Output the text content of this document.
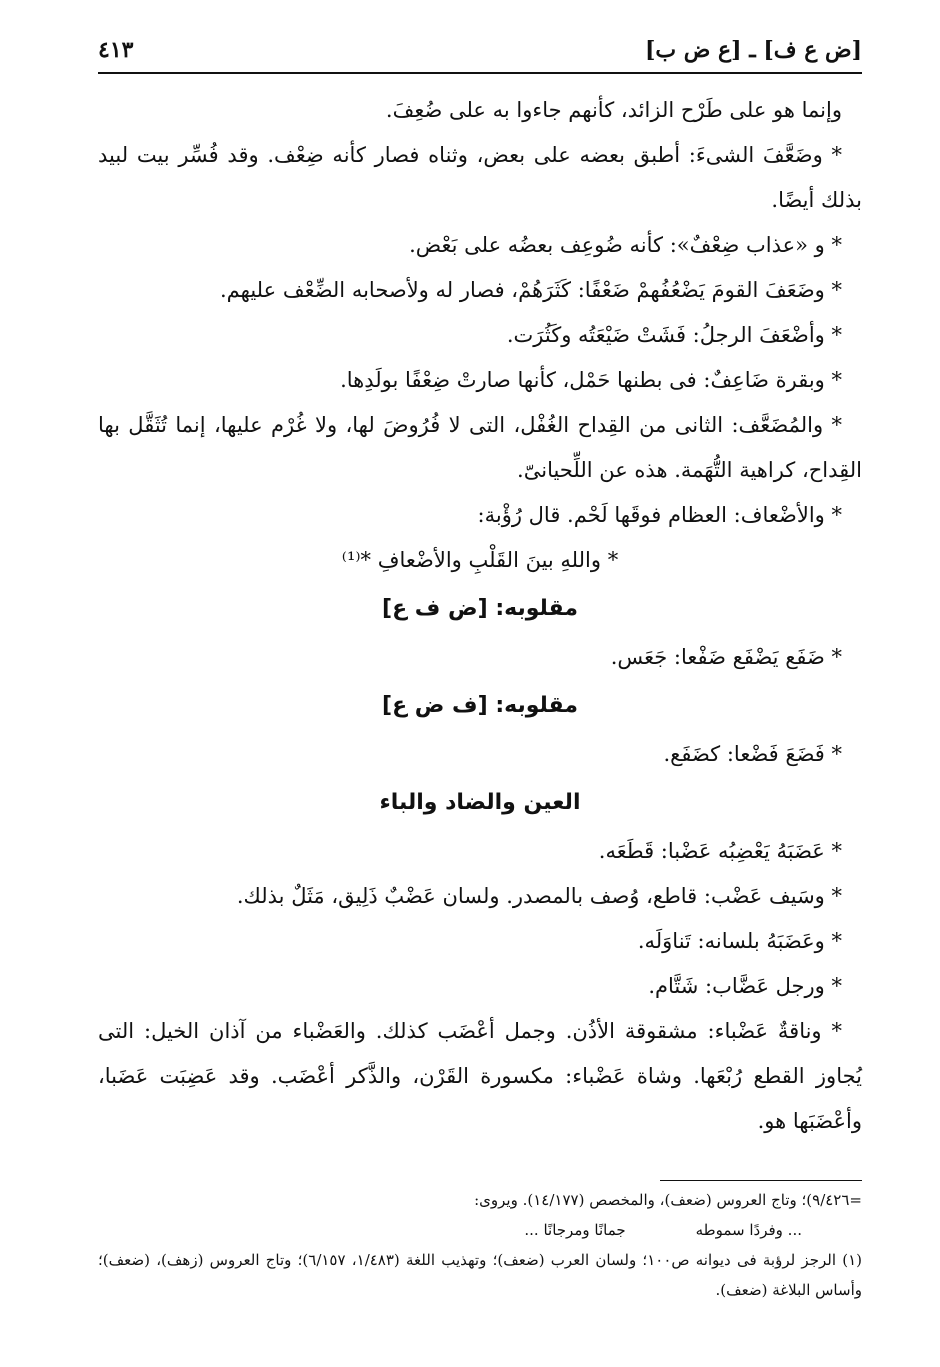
[ض ع ف] ـ [ع ض ب]
٤١٣

وإنما هو على طَرْح الزائد، كأنهم جاءوا به على ضُعِفَ.

* وضَعَّفَ الشىءَ: أطبق بعضه على بعض، وثناه فصار كأنه ضِعْف. وقد فُسِّر بيت لبيد بذلك أيضًا.

* و «عذاب ضِعْفٌ»: كأنه ضُوعِف بعضُه على بَعْض.

* وضَعَفَ القومَ يَضْعُفُهمْ ضَعْفًا: كَثَرَهُمْ، فصار له ولأصحابه الضِّعْف عليهم.

* وأضْعَفَ الرجلُ: فَشَتْ ضَيْعَتُه وكَثُرَت.

* وبقرة ضَاعِفٌ: فى بطنها حَمْل، كأنها صارتْ ضِعْفًا بولَدِها.

* والمُضَعَّف: الثانى من القِداح الغُفْل، التى لا فُرُوضَ لها، ولا غُرْم عليها، إنما تُثَقَّل بها القِداح، كراهية التُّهَمة. هذه عن اللِّحيانىّ.

* والأضْعاف: العظام فوقَها لَحْم. قال رُؤْبة:

* واللهِ بينَ القَلْبِ والأضْعافِ *⁽¹⁾

مقلوبه: [ض ف ع]

* ضَفَع يَضْفَع ضَفْعا: جَعَس.

مقلوبه: [ف ض ع]

* فَضَعَ فَضْعا: كضَفَع.

العين والضاد والباء

* عَضَبَهُ يَعْضِبُه عَضْبا: قَطَعَه.

* وسَيف عَضْب: قاطع، وُصف بالمصدر. ولسان عَضْبٌ ذَلِيق، مَثَلٌ بذلك.

* وعَضَبَهُ بلسانه: تَناوَلَه.

* ورجل عَضَّاب: شَتَّام.

* وناقةٌ عَضْباء: مشقوقة الأذُن. وجمل أعْضَب كذلك. والعَضْباء من آذان الخيل: التى يُجاوز القطع رُبْعَها. وشاة عَضْباء: مكسورة القَرْن، والذَّكر أعْضَب. وقد عَضِبَت عَضَبا، وأعْضَبَها هو.

=٩/٤٢٦)؛ وتاج العروس (ضعف)، والمخصص (١٤/١٧٧). ويروى:

... وفردًا سموطه
جمانًا ومرجانًا ...

(١) الرجز لرؤبة فى ديوانه ص١٠٠؛ ولسان العرب (ضعف)؛ وتهذيب اللغة (١/٤٨٣، ٦/١٥٧)؛ وتاج العروس (زهف)، (ضعف)؛ وأساس البلاغة (ضعف).
